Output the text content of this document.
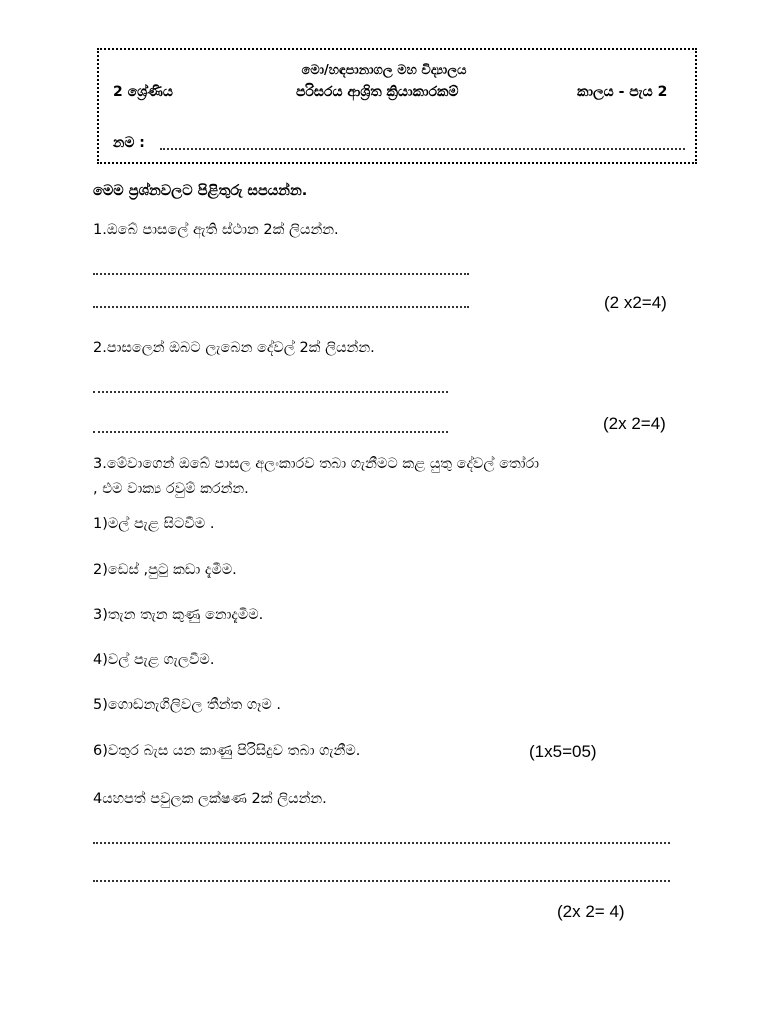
මො/හඳපානාගල මහ විද්‍යාලය
2 ශ්‍රේණිය	පරිසරය ආශ්‍රිත ක්‍රියාකාරකම්	කාලය - පැය 2
නම :
මෙම ප්‍රශ්නවලට පිළිතුරු සපයන්න.
1.ඔබේ පාසලේ ඇති ස්ථාන 2ක් ලියන්න.
(2 x2=4)
2.පාසලෙන් ඔබට ලැබෙන දේවල් 2ක් ලියන්න.
(2x 2=4)
3.මේවාගෙන් ඔබේ පාසල අලංකාරව තබා ගැනීමට කළ යුතු දේවල් තෝරා
, එම වාක්‍ය රවුම් කරන්න.
1)මල් පැළ සිටවීම .
2)ඩෙස් ,පුටු කඩා දැමීම.
3)තැන තැන කුණු නොදැමීම.
4)වල් පැළ ගැලවීම.
5)ගොඩනැගිලිවල තීන්ත ගෑම .
6)වතුර බැස යන කාණු පිරිසිදුව තබා ගැනීම.	(1x5=05)
4යහපත් පවුලක ලක්ෂණ 2ක් ලියන්න.
(2x 2= 4)
